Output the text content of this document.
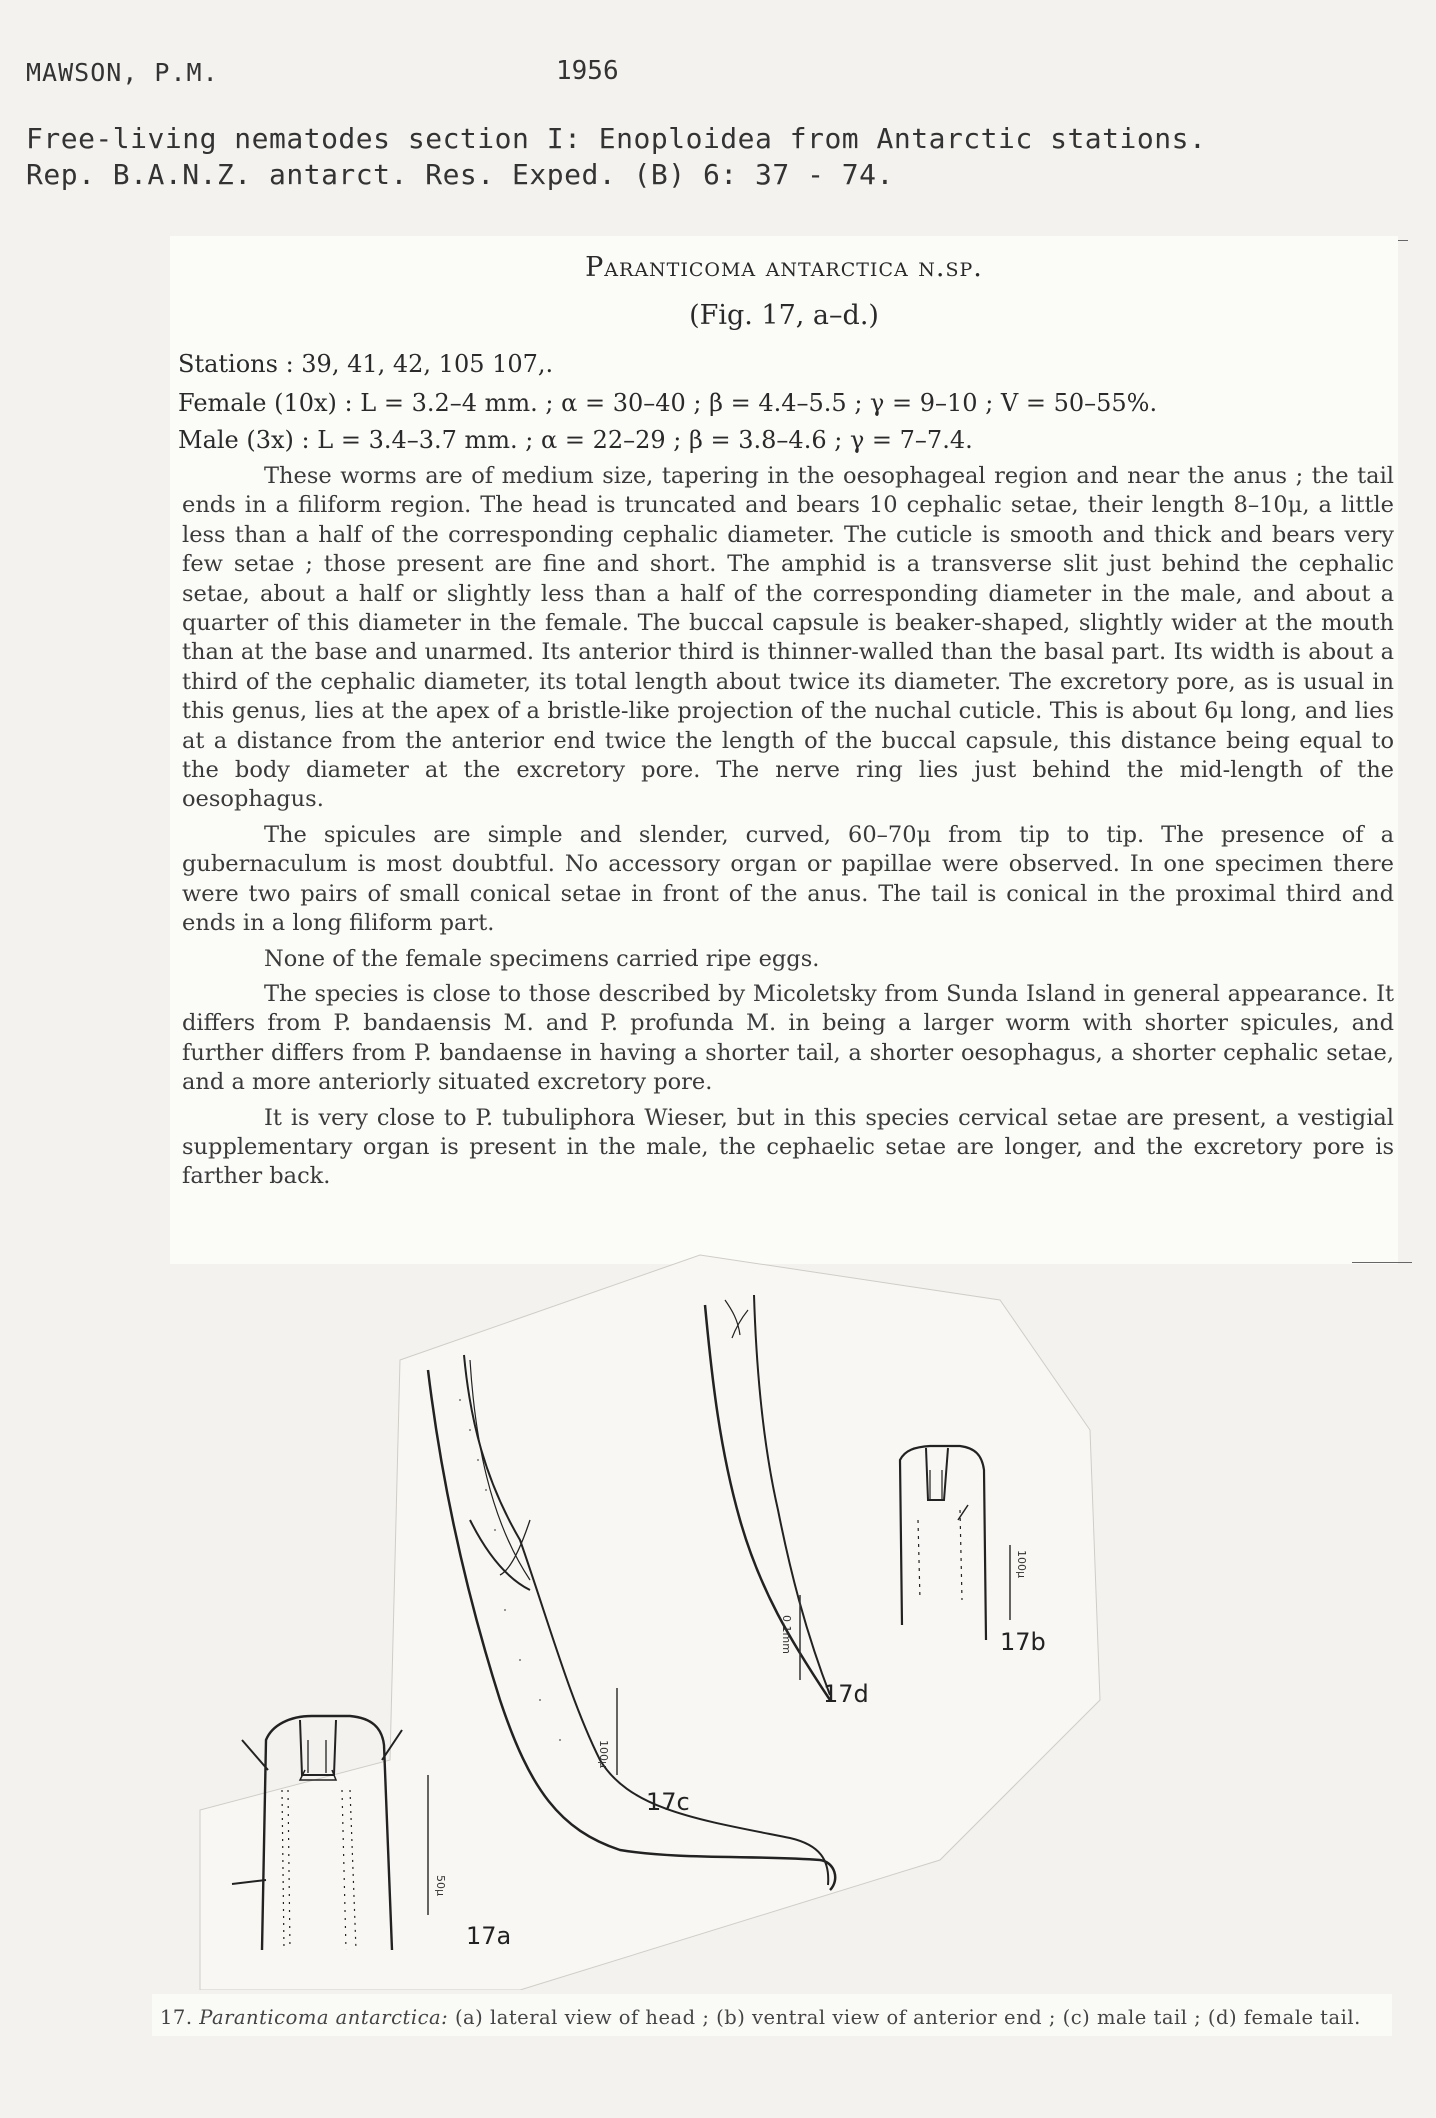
MAWSON, P.M.	1956
Free-living nematodes section I: Enoploidea from Antarctic stations.
Rep. B.A.N.Z. antarct. Res. Exped. (B) 6: 37 - 74.
Paranticoma antarctica n.sp.
(Fig. 17, a–d.)
Stations : 39, 41, 42, 105 107,.
Female (10x) : L = 3.2–4 mm. ; α = 30–40 ; β = 4.4–5.5 ; γ = 9–10 ; V = 50–55%.
Male (3x) : L = 3.4–3.7 mm. ; α = 22–29 ; β = 3.8–4.6 ; γ = 7–7.4.

These worms are of medium size, tapering in the oesophageal region and near the anus ; the tail ends in a filiform region. The head is truncated and bears 10 cephalic setae, their length 8–10μ, a little less than a half of the corresponding cephalic diameter. The cuticle is smooth and thick and bears very few setae ; those present are fine and short. The amphid is a transverse slit just behind the cephalic setae, about a half or slightly less than a half of the corresponding diameter in the male, and about a quarter of this diameter in the female. The buccal capsule is beaker-shaped, slightly wider at the mouth than at the base and unarmed. Its anterior third is thinner-walled than the basal part. Its width is about a third of the cephalic diameter, its total length about twice its diameter. The excretory pore, as is usual in this genus, lies at the apex of a bristle-like projection of the nuchal cuticle. This is about 6μ long, and lies at a distance from the anterior end twice the length of the buccal capsule, this distance being equal to the body diameter at the excretory pore. The nerve ring lies just behind the mid-length of the oesophagus.

The spicules are simple and slender, curved, 60–70μ from tip to tip. The presence of a gubernaculum is most doubtful. No accessory organ or papillae were observed. In one specimen there were two pairs of small conical setae in front of the anus. The tail is conical in the proximal third and ends in a long filiform part.

None of the female specimens carried ripe eggs.

The species is close to those described by Micoletsky from Sunda Island in general appearance. It differs from P. bandaensis M. and P. profunda M. in being a larger worm with shorter spicules, and further differs from P. bandaense in having a shorter tail, a shorter oesophagus, a shorter cephalic setae, and a more anteriorly situated excretory pore.

It is very close to P. tubuliphora Wieser, but in this species cervical setae are present, a vestigial supplementary organ is present in the male, the cephaelic setae are longer, and the excretory pore is farther back.

100μ
17c
0.1mm
17d
100μ
17b
50μ
17a
17. Paranticoma antarctica: (a) lateral view of head ; (b) ventral view of anterior end ; (c) male tail ; (d) female tail.
